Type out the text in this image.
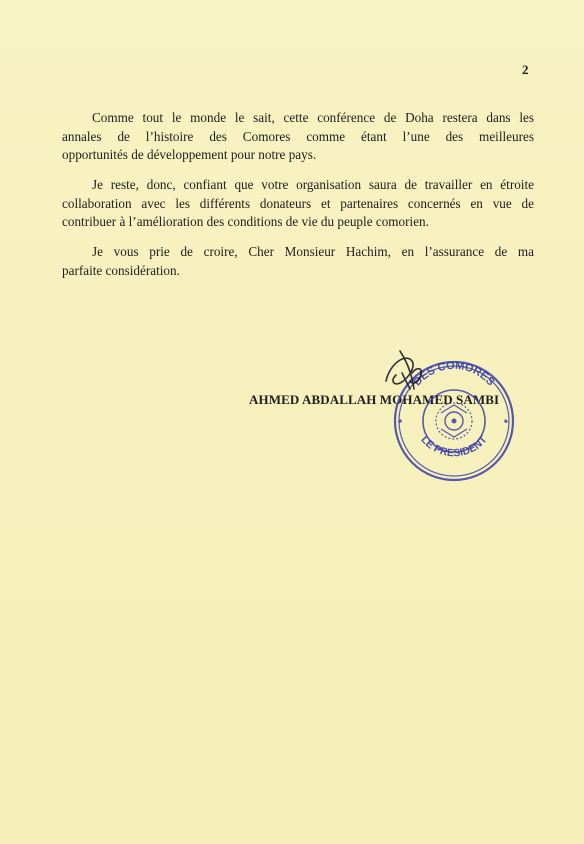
2
Comme tout le monde le sait, cette conférence de Doha restera dans les
annales de l’histoire des Comores comme étant l’une des meilleures
opportunités de développement pour notre pays.
Je reste, donc, confiant que votre organisation saura de travailler en étroite
collaboration avec les différents donateurs et partenaires concernés en vue de
contribuer à l’amélioration des conditions de vie du peuple comorien.
Je vous prie de croire, Cher Monsieur Hachim, en l’assurance de ma
parfaite considération.
AHMED ABDALLAH MOHAMED SAMBI
DES COMORES
LE PRESIDENT
